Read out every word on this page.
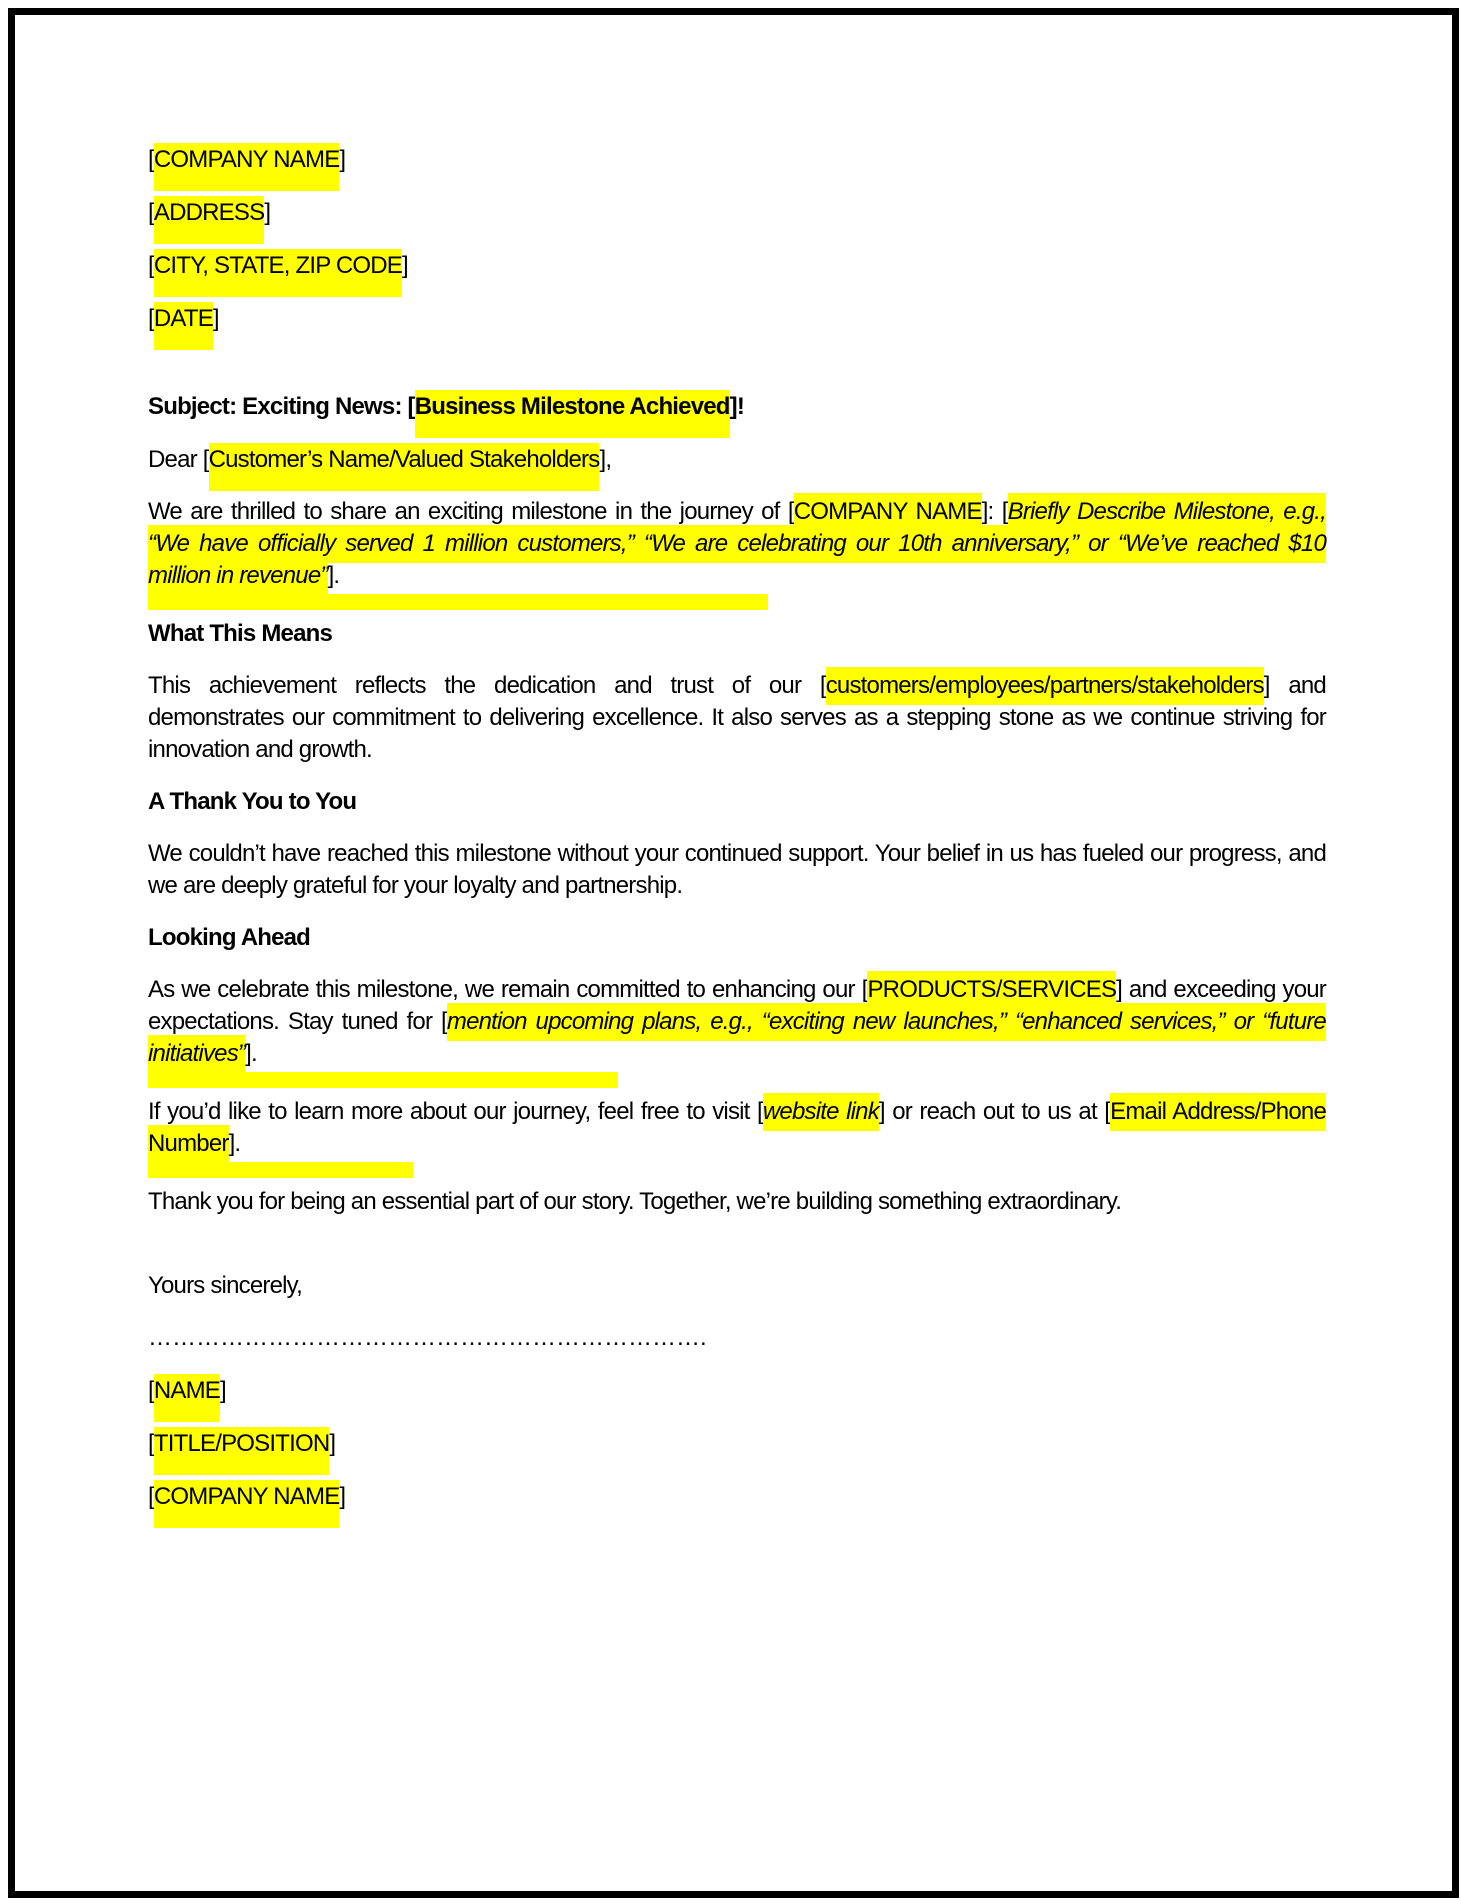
[COMPANY NAME]

[ADDRESS]

[CITY, STATE, ZIP CODE]

[DATE]

Subject: Exciting News: [Business Milestone Achieved]!

Dear [Customer’s Name/Valued Stakeholders],

We are thrilled to share an exciting milestone in the journey of [COMPANY NAME]: [Briefly Describe Milestone, e.g., “We have officially served 1 million customers,” “We are celebrating our 10th anniversary,” or “We’ve reached $10 million in revenue”].

What This Means

This achievement reflects the dedication and trust of our [customers/employees/partners/stakeholders] and demonstrates our commitment to delivering excellence. It also serves as a stepping stone as we continue striving for innovation and growth.

A Thank You to You

We couldn’t have reached this milestone without your continued support. Your belief in us has fueled our progress, and we are deeply grateful for your loyalty and partnership.

Looking Ahead

As we celebrate this milestone, we remain committed to enhancing our [PRODUCTS/SERVICES] and exceeding your expectations. Stay tuned for [mention upcoming plans, e.g., “exciting new launches,” “enhanced services,” or “future initiatives”].

If you’d like to learn more about our journey, feel free to visit [website link] or reach out to us at [Email Address/Phone Number].

Thank you for being an essential part of our story. Together, we’re building something extraordinary.

Yours sincerely,

…………………………………………………………….

[NAME]

[TITLE/POSITION]

[COMPANY NAME]
